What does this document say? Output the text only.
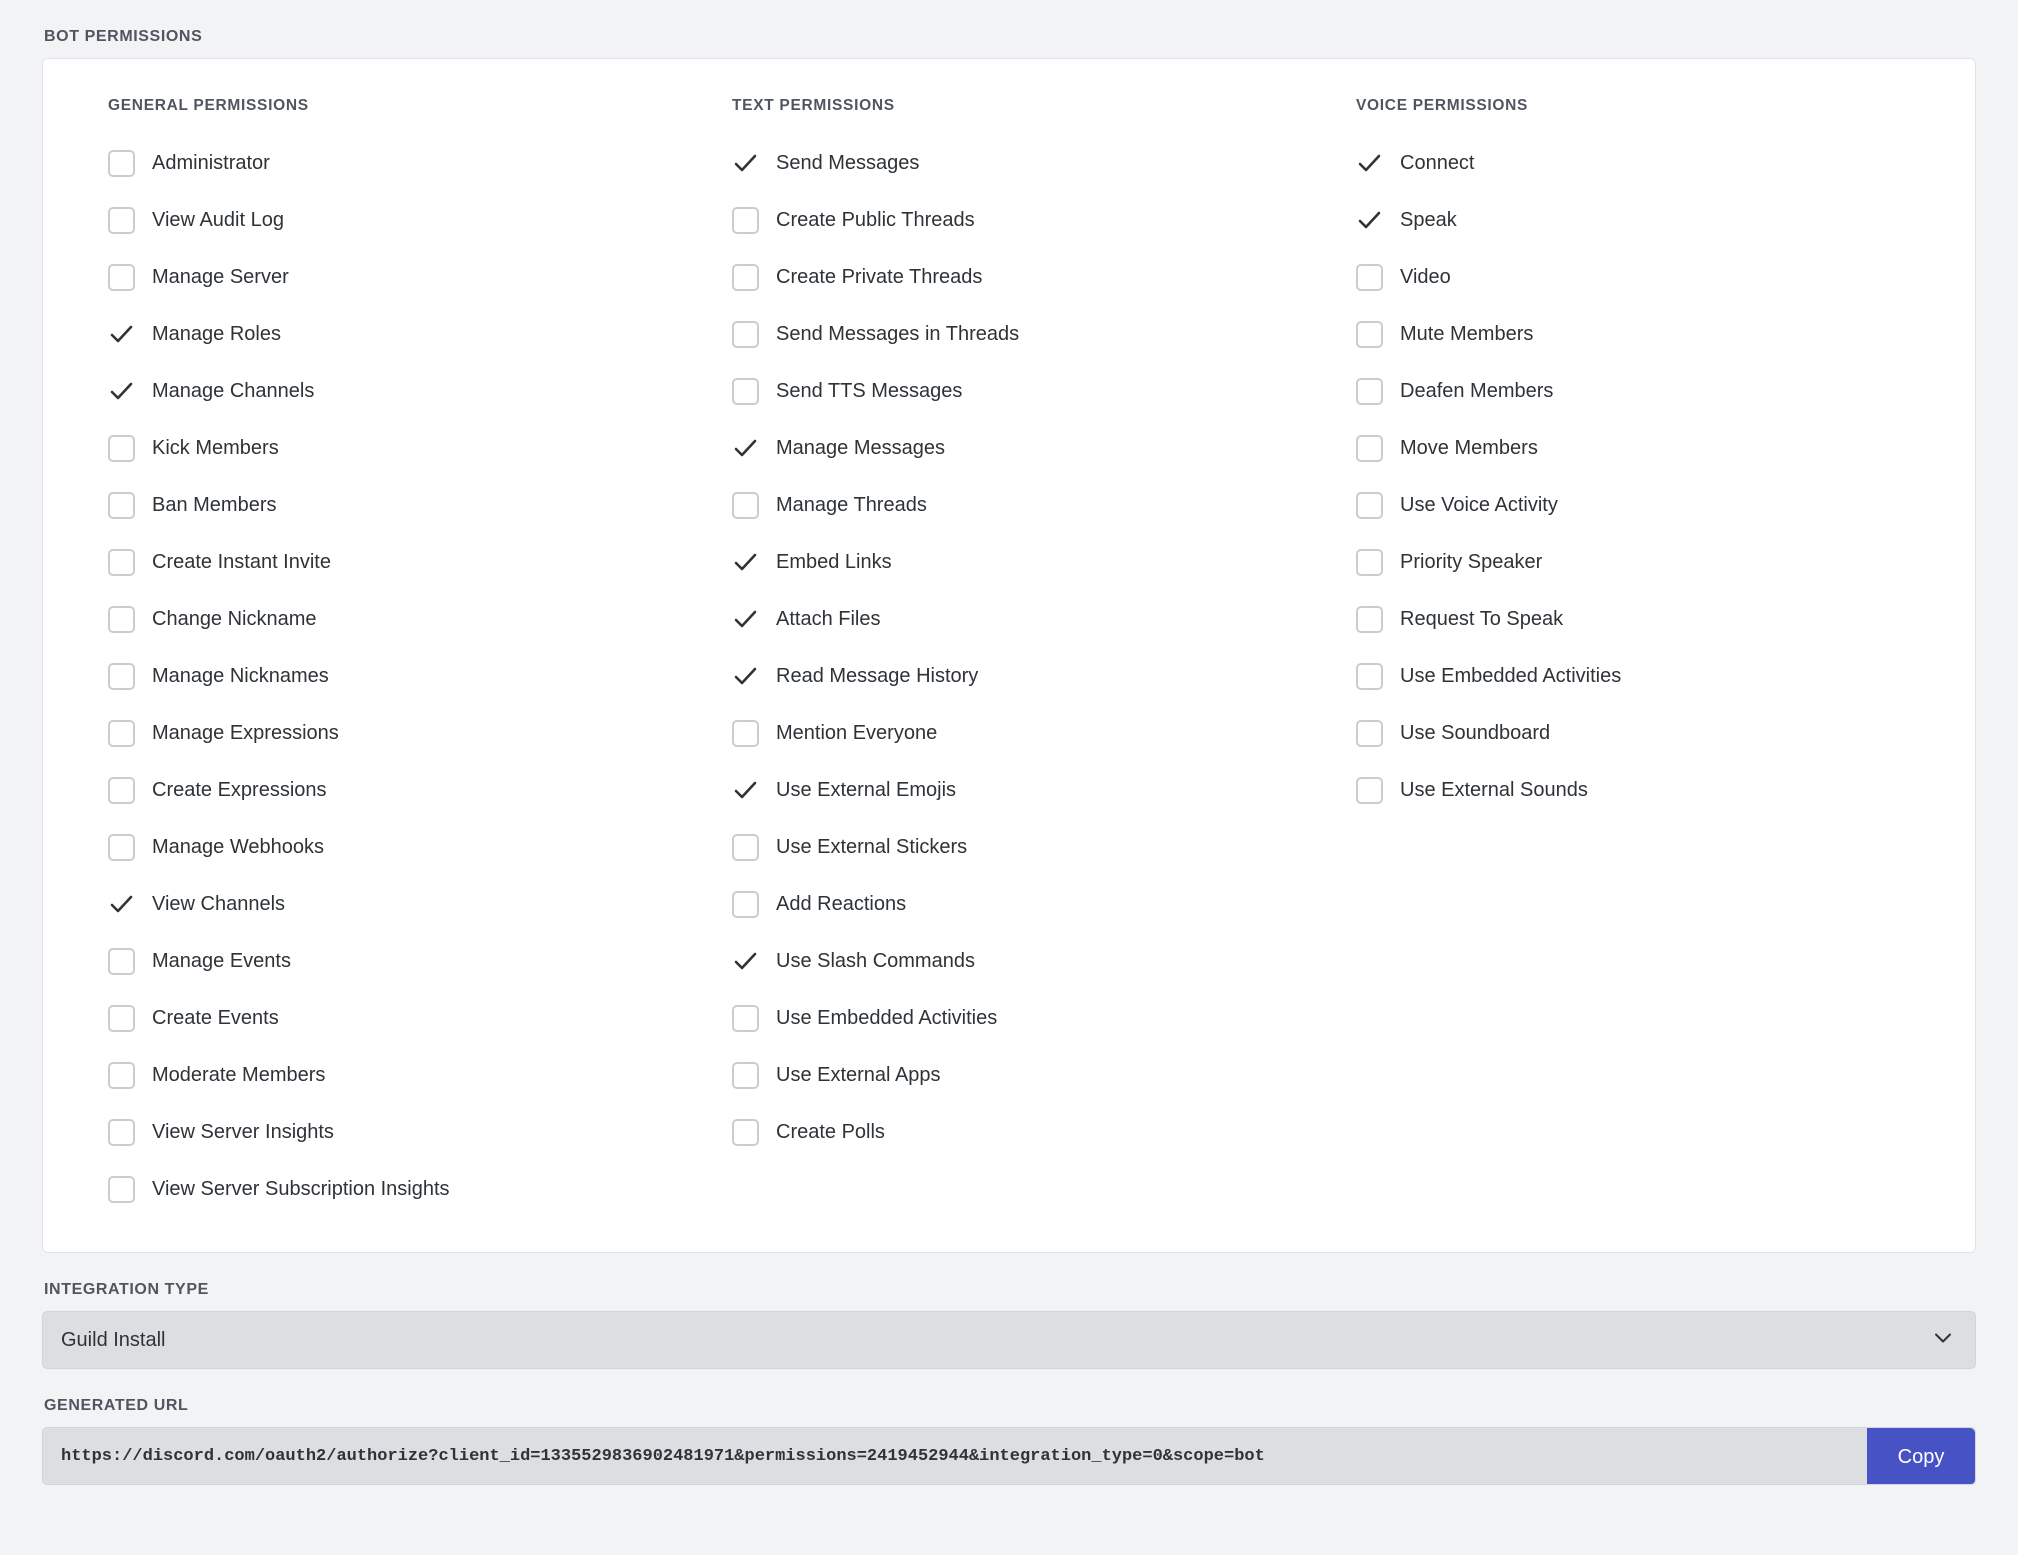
BOT PERMISSIONS
GENERAL PERMISSIONS
Administrator
View Audit Log
Manage Server
Manage Roles
Manage Channels
Kick Members
Ban Members
Create Instant Invite
Change Nickname
Manage Nicknames
Manage Expressions
Create Expressions
Manage Webhooks
View Channels
Manage Events
Create Events
Moderate Members
View Server Insights
View Server Subscription Insights
TEXT PERMISSIONS
Send Messages
Create Public Threads
Create Private Threads
Send Messages in Threads
Send TTS Messages
Manage Messages
Manage Threads
Embed Links
Attach Files
Read Message History
Mention Everyone
Use External Emojis
Use External Stickers
Add Reactions
Use Slash Commands
Use Embedded Activities
Use External Apps
Create Polls
VOICE PERMISSIONS
Connect
Speak
Video
Mute Members
Deafen Members
Move Members
Use Voice Activity
Priority Speaker
Request To Speak
Use Embedded Activities
Use Soundboard
Use External Sounds
INTEGRATION TYPE
Guild Install
GENERATED URL
https://discord.com/oauth2/authorize?client_id=1335529836902481971&permissions=2419452944&integration_type=0&scope=bot	Copy
